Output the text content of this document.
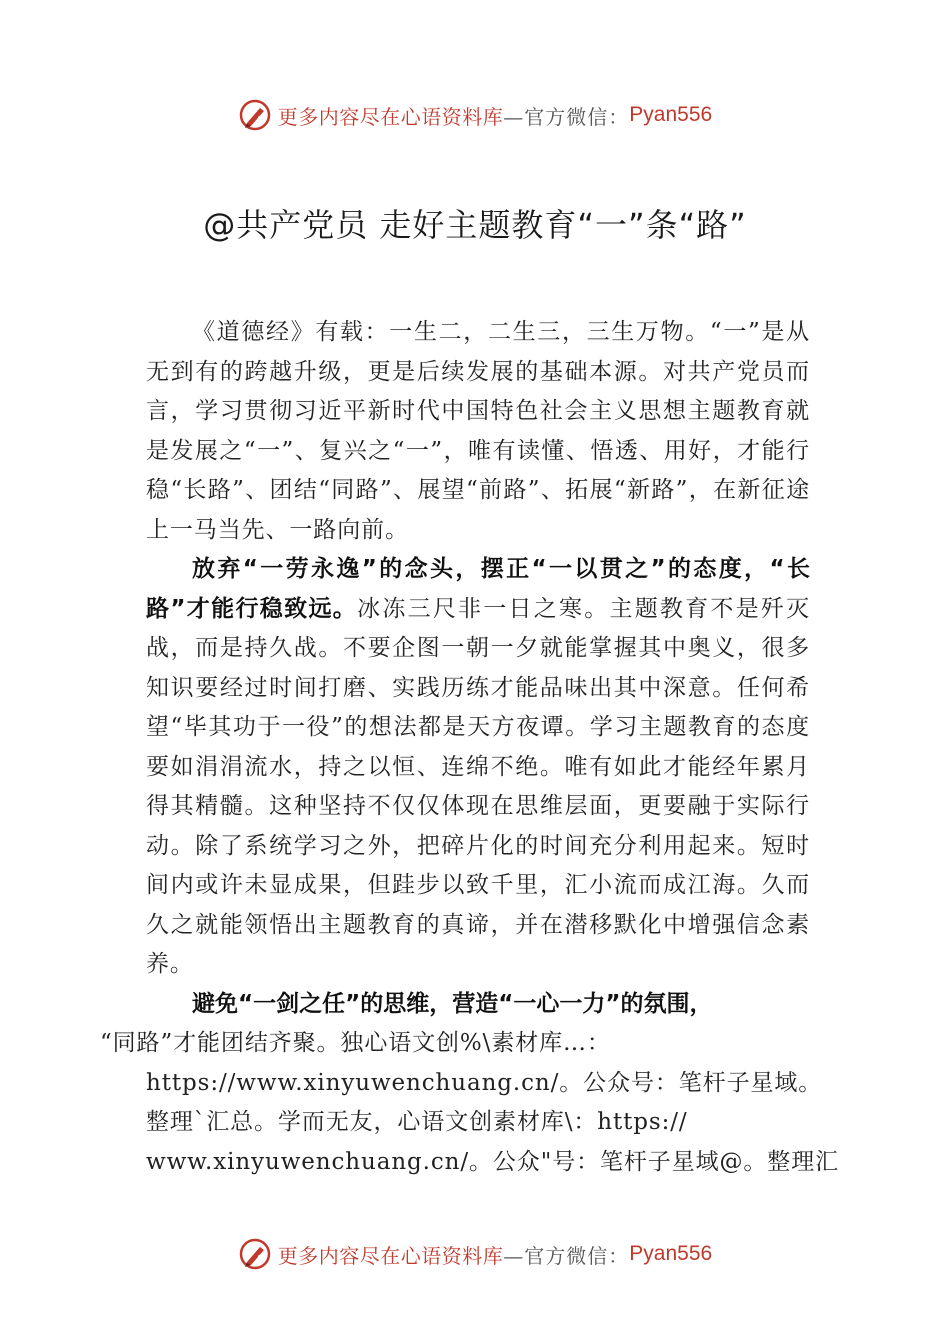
更多内容尽在心语资料库 —官方微信： Pyan556
@共产党员 走好主题教育“一”条“路”

《道德经》有载：一生二，二生三，三生万物。“一”是从无到有的跨越升级，更是后续发展的基础本源。对共产党员而言，学习贯彻习近平新时代中国特色社会主义思想主题教育就是发展之“一”、复兴之“一”，唯有读懂、悟透、用好，才能行稳“长路”、团结“同路”、展望“前路”、拓展“新路”，在新征途上一马当先、一路向前。

放弃“一劳永逸”的念头，摆正“一以贯之”的态度，“长路”才能行稳致远。冰冻三尺非一日之寒。主题教育不是歼灭战，而是持久战。不要企图一朝一夕就能掌握其中奥义，很多知识要经过时间打磨、实践历练才能品味出其中深意。任何希望“毕其功于一役”的想法都是天方夜谭。学习主题教育的态度要如涓涓流水，持之以恒、连绵不绝。唯有如此才能经年累月得其精髓。这种坚持不仅仅体现在思维层面，更要融于实际行动。除了系统学习之外，把碎片化的时间充分利用起来。短时间内或许未显成果，但跬步以致千里，汇小流而成江海。久而久之就能领悟出主题教育的真谛，并在潜移默化中增强信念素养。

避免“一剑之任”的思维，营造“一心一力”的氛围，
“同路”才能团结齐聚。独心语文创%\素材库…：

https://www.xinyuwenchuang.cn/。公众号：笔杆子星域。
整理`汇总。学而无友，心语文创素材库\：https://
www.xinyuwenchuang.cn/。公众"号：笔杆子星域@。整理汇
更多内容尽在心语资料库 —官方微信： Pyan556
